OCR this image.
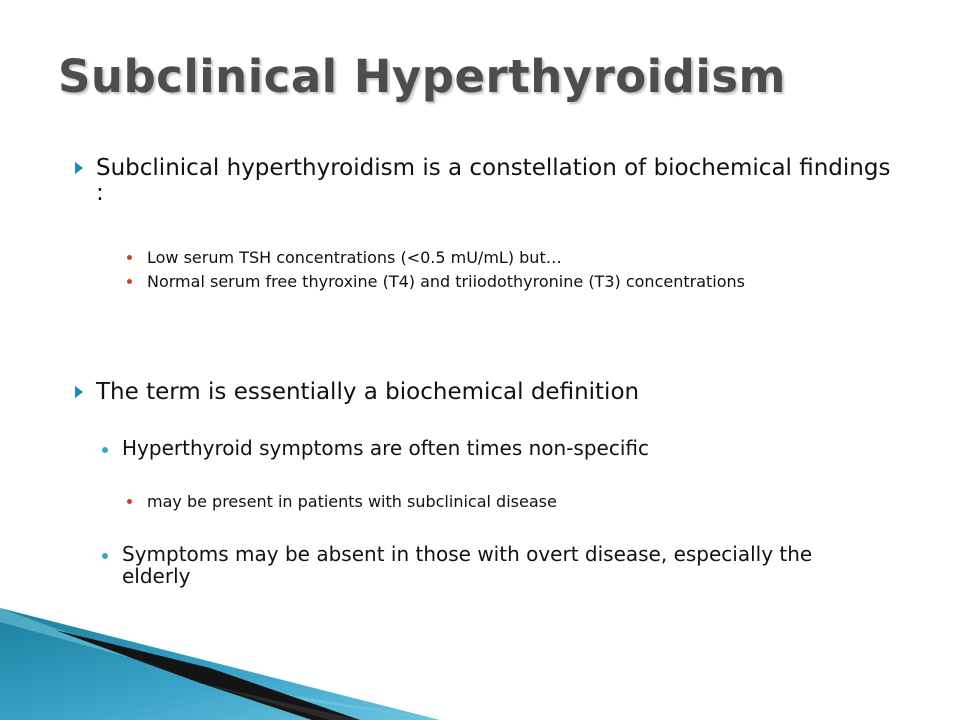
Subclinical Hyperthyroidism
Subclinical hyperthyroidism is a constellation of biochemical findings :
Low serum TSH concentrations (<0.5 mU/mL) but…
Normal serum free thyroxine (T4) and triiodothyronine (T3) concentrations
The term is essentially a biochemical definition
Hyperthyroid symptoms are often times non-specific
may be present in patients with subclinical disease
Symptoms may be absent in those with overt disease, especially the elderly
